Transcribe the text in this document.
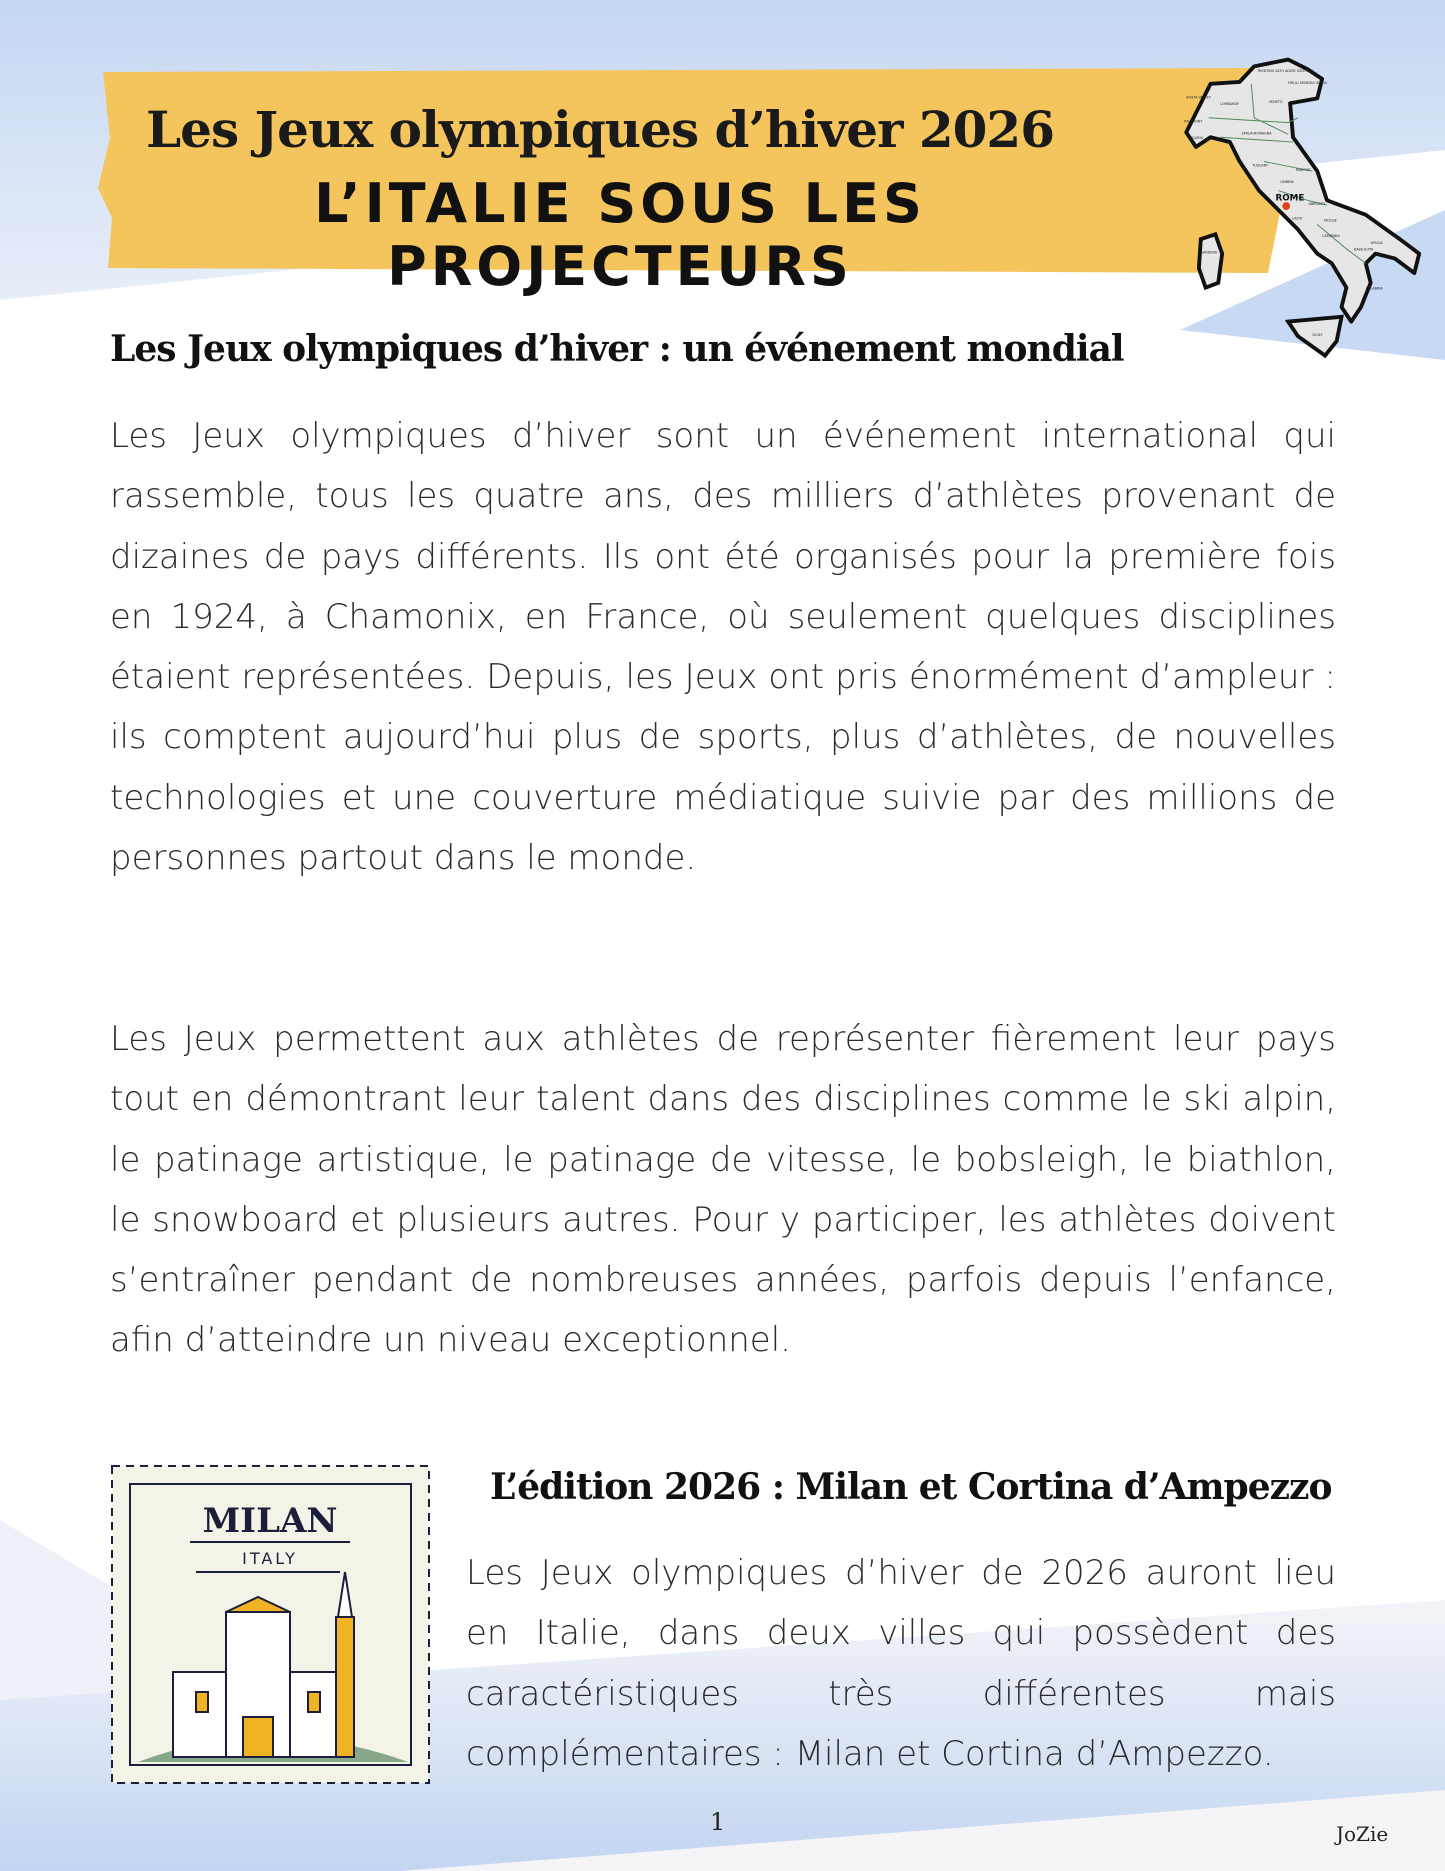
Les Jeux olympiques d’hiver 2026
L’ITALIE SOUS LES PROJECTEURS
ROME
TRENTINO ALTO ADIGE SÜDTIROL
FRIULI VENEZIA GIULIA
AOSTA VALLEY
LOMBARDY	VENETO
PIEDMONT
LIGURIA
EMILIA-ROMAGNA
TUSCANY
MARCHE
UMBRIA
ABRUZZO
LAZIO	MOLISE
CAMPANIA
APULIA
BASILICATA
CALABRIA
SARDINIA
SICILY
Les Jeux olympiques d’hiver : un événement mondial

Les Jeux olympiques d’hiver sont un événement international qui rassemble, tous les quatre ans, des milliers d’athlètes provenant de dizaines de pays différents. Ils ont été organisés pour la première fois en 1924, à Chamonix, en France, où seulement quelques disciplines étaient représentées. Depuis, les Jeux ont pris énormément d’ampleur : ils comptent aujourd’hui plus de sports, plus d’athlètes, de nouvelles technologies et une couverture médiatique suivie par des millions de personnes partout dans le monde.

Les Jeux permettent aux athlètes de représenter fièrement leur pays tout en démontrant leur talent dans des disciplines comme le ski alpin, le patinage artistique, le patinage de vitesse, le bobsleigh, le biathlon, le snowboard et plusieurs autres. Pour y participer, les athlètes doivent s’entraîner pendant de nombreuses années, parfois depuis l’enfance, afin d’atteindre un niveau exceptionnel.

MILAN
ITALY
L’édition 2026 : Milan et Cortina d’Ampezzo

Les Jeux olympiques d’hiver de 2026 auront lieu en Italie, dans deux villes qui possèdent des caractéristiques très différentes mais complémentaires : Milan et Cortina d’Ampezzo.

1	JoZie
